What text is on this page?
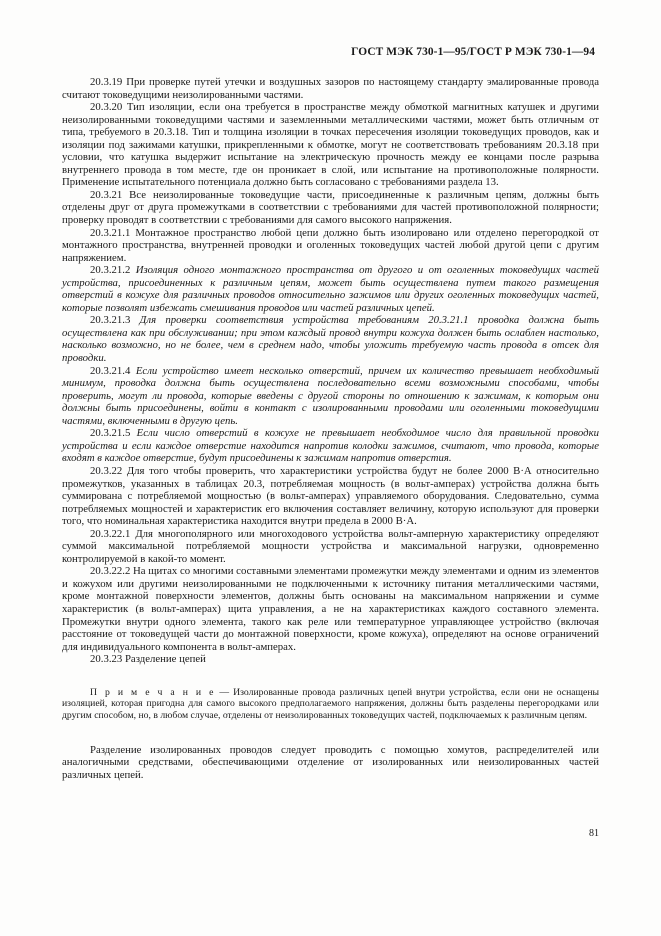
ГОСТ МЭК 730-1—95/ГОСТ Р МЭК 730-1—94

20.3.19 При проверке путей утечки и воздушных зазоров по настоящему стандарту эмалированные провода считают токоведущими неизолированными частями.

20.3.20 Тип изоляции, если она требуется в пространстве между обмоткой магнитных катушек и другими неизолированными токоведущими частями и заземленными металлическими частями, может быть отличным от типа, требуемого в 20.3.18. Тип и толщина изоляции в точках пересечения изоляции токоведущих проводов, как и изоляции под зажимами катушки, прикрепленными к обмотке, могут не соответствовать требованиям 20.3.18 при условии, что катушка выдержит испытание на электрическую прочность между ее концами после разрыва внутреннего провода в том месте, где он проникает в слой, или испытание на противоположные полярности. Применение испытательного потенциала должно быть согласовано с требованиями раздела 13.

20.3.21 Все неизолированные токоведущие части, присоединенные к различным цепям, должны быть отделены друг от друга промежутками в соответствии с требованиями для частей противоположной полярности; проверку проводят в соответствии с требованиями для самого высокого напряжения.

20.3.21.1 Монтажное пространство любой цепи должно быть изолировано или отделено перегородкой от монтажного пространства, внутренней проводки и оголенных токоведущих частей любой другой цепи с другим напряжением.

20.3.21.2 Изоляция одного монтажного пространства от другого и от оголенных токоведущих частей устройства, присоединенных к различным цепям, может быть осуществлена путем такого размещения отверстий в кожухе для различных проводов относительно зажимов или других оголенных токоведущих частей, которые позволят избежать смешивания проводов или частей различных цепей.

20.3.21.3 Для проверки соответствия устройства требованиям 20.3.21.1 проводка должна быть осуществлена как при обслуживании; при этом каждый провод внутри кожуха должен быть ослаблен настолько, насколько возможно, но не более, чем в среднем надо, чтобы уложить требуемую часть провода в отсек для проводки.

20.3.21.4 Если устройство имеет несколько отверстий, причем их количество превышает необходимый минимум, проводка должна быть осуществлена последовательно всеми возможными способами, чтобы проверить, могут ли провода, которые введены с другой стороны по отношению к зажимам, к которым они должны быть присоединены, войти в контакт с изолированными проводами или оголенными токоведущими частями, включенными в другую цепь.

20.3.21.5 Если число отверстий в кожухе не превышает необходимое число для правильной проводки устройства и если каждое отверстие находится напротив колодки зажимов, считают, что провода, которые входят в каждое отверстие, будут присоединены к зажимам напротив отверстия.

20.3.22 Для того чтобы проверить, что характеристики устройства будут не более 2000 В·А относительно промежутков, указанных в таблицах 20.3, потребляемая мощность (в вольт-амперах) устройства должна быть суммирована с потребляемой мощностью (в вольт-амперах) управляемого оборудования. Следовательно, сумма потребляемых мощностей и характеристик его включения составляет величину, которую используют для проверки того, что номинальная характеристика находится внутри предела в 2000 В·А.

20.3.22.1 Для многополярного или многоходового устройства вольт-амперную характеристику определяют суммой максимальной потребляемой мощности устройства и максимальной нагрузки, одновременно контролируемой в какой-то момент.

20.3.22.2 На щитах со многими составными элементами промежутки между элементами и одним из элементов и кожухом или другими неизолированными не подключенными к источнику питания металлическими частями, кроме монтажной поверхности элементов, должны быть основаны на максимальном напряжении и сумме характеристик (в вольт-амперах) щита управления, а не на характеристиках каждого составного элемента. Промежутки внутри одного элемента, такого как реле или температурное управляющее устройство (включая расстояние от токоведущей части до монтажной поверхности, кроме кожуха), определяют на основе ограничений для индивидуального компонента в вольт-амперах.

20.3.23 Разделение цепей

П р и м е ч а н и е — Изолированные провода различных цепей внутри устройства, если они не оснащены изоляцией, которая пригодна для самого высокого предполагаемого напряжения, должны быть разделены перегородками или другим способом, но, в любом случае, отделены от неизолированных токоведущих частей, подключаемых к различным цепям.

Разделение изолированных проводов следует проводить с помощью хомутов, распределителей или аналогичными средствами, обеспечивающими отделение от изолированных или неизолированных частей различных цепей.

81
